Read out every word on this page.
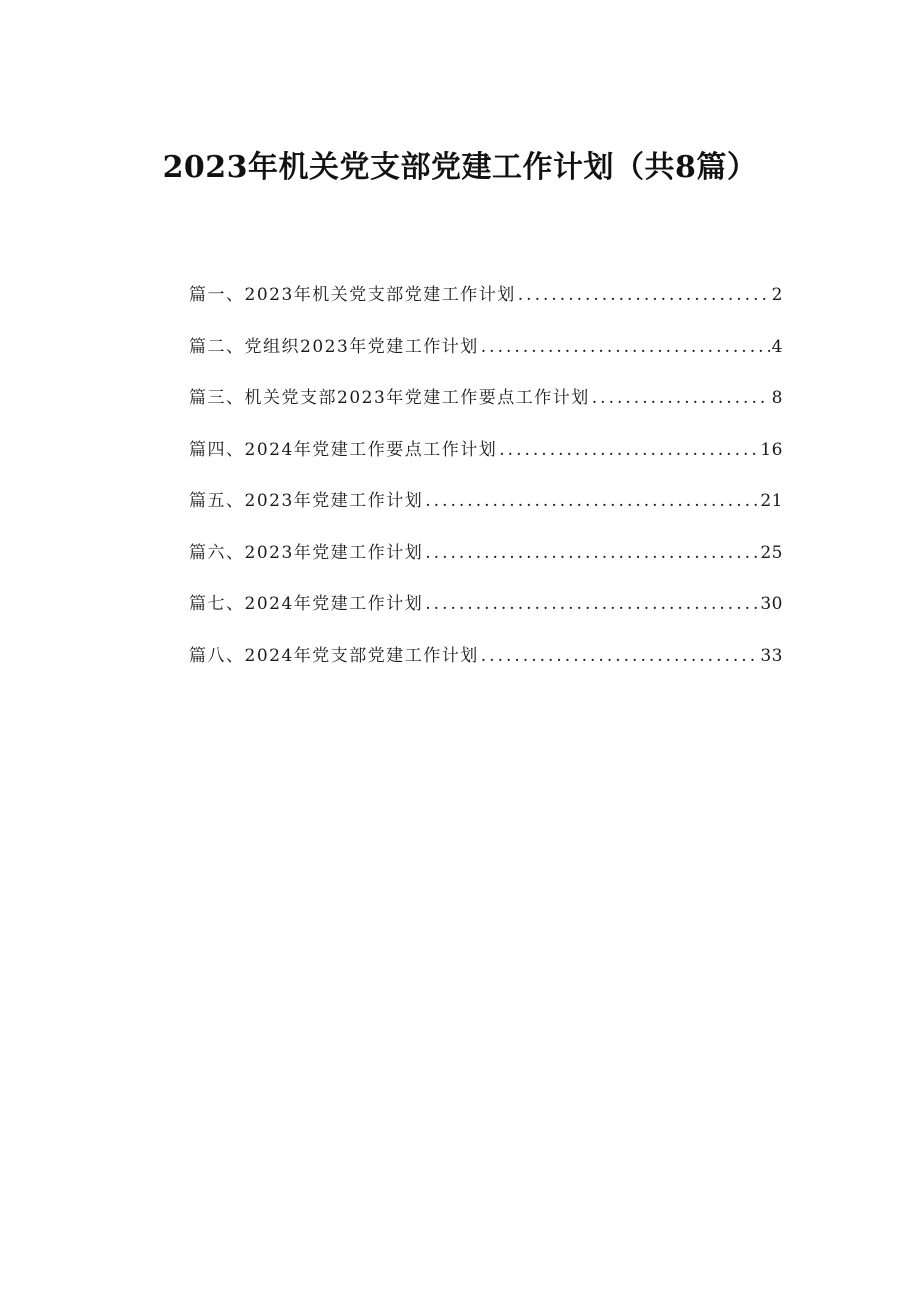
2023年机关党支部党建工作计划（共8篇）
篇一、2023年机关党支部党建工作计划 .....	2
篇二、党组织2023年党建工作计划 .....	4
篇三、机关党支部2023年党建工作要点工作计划 .....	8
篇四、2024年党建工作要点工作计划 .....	16
篇五、2023年党建工作计划 .....	21
篇六、2023年党建工作计划 .....	25
篇七、2024年党建工作计划 .....	30
篇八、2024年党支部党建工作计划 .....	33
